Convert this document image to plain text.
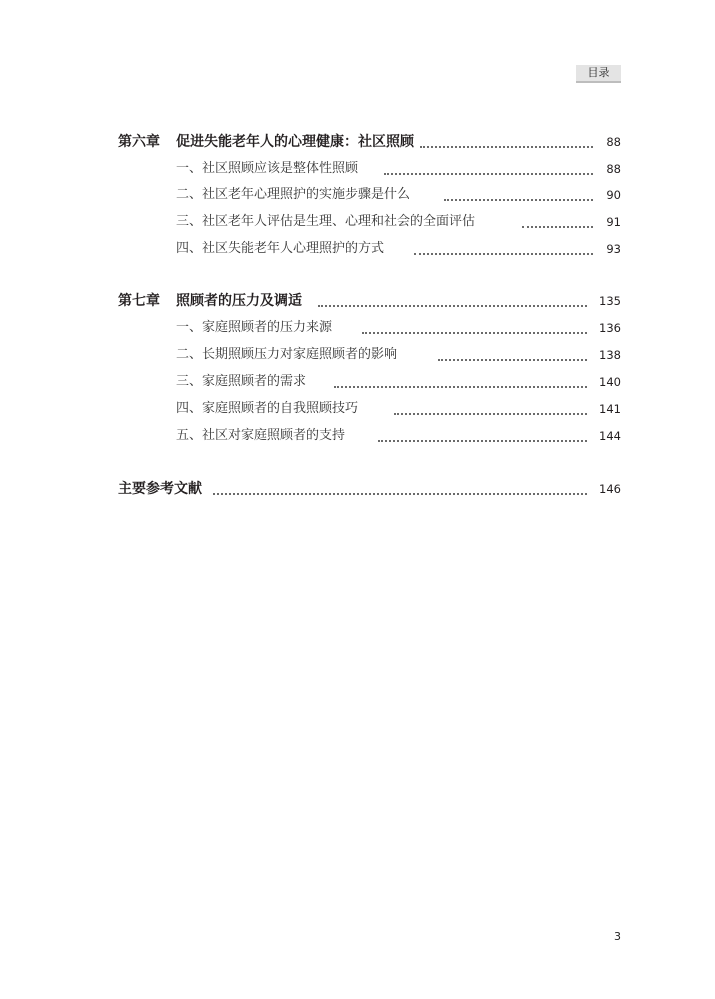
目录
第六章 促进失能老年人的心理健康：社区照顾	88
一、社区照顾应该是整体性照顾	88
二、社区老年心理照护的实施步骤是什么	90
三、社区老年人评估是生理、心理和社会的全面评估	91
四、社区失能老年人心理照护的方式	93
第七章 照顾者的压力及调适	135
一、家庭照顾者的压力来源	136
二、长期照顾压力对家庭照顾者的影响	138
三、家庭照顾者的需求	140
四、家庭照顾者的自我照顾技巧	141
五、社区对家庭照顾者的支持	144
主要参考文献	146
3
